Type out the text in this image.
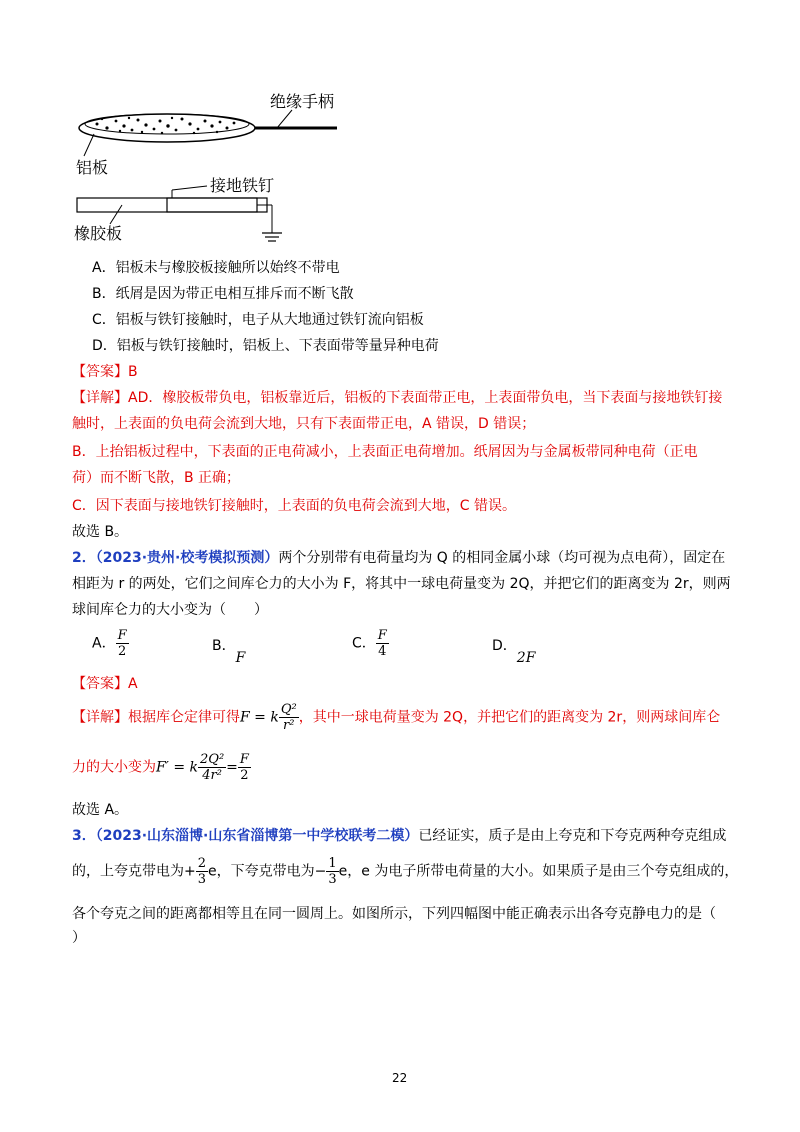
绝缘手柄
铝板
接地铁钉
橡胶板
A．铝板未与橡胶板接触所以始终不带电
B．纸屑是因为带正电相互排斥而不断飞散
C．铝板与铁钉接触时，电子从大地通过铁钉流向铝板
D．铝板与铁钉接触时，铝板上、下表面带等量异种电荷
【答案】B
【详解】AD．橡胶板带负电，铝板靠近后，铝板的下表面带正电，上表面带负电，当下表面与接地铁钉接
触时，上表面的负电荷会流到大地，只有下表面带正电，A 错误，D 错误；
B．上抬铝板过程中，下表面的正电荷减小，上表面正电荷增加。纸屑因为与金属板带同种电荷（正电
荷）而不断飞散，B 正确；
C．因下表面与接地铁钉接触时，上表面的负电荷会流到大地，C 错误。
故选 B。
2．（2023·贵州·校考模拟预测）两个分别带有电荷量均为 Q 的相同金属小球（均可视为点电荷），固定在
相距为 r 的两处，它们之间库仑力的大小为 F，将其中一球电荷量变为 2Q，并把它们的距离变为 2r，则两
球间库仑力的大小变为（　　）
A． $\frac{F}{2}$	B．F
C． $\frac{F}{4}$	D．2F
【答案】A
【详解】根据库仑定律可得F = k $\frac{\text{Q²}}{\text{r²}}$ ，其中一球电荷量变为 2Q，并把它们的距离变为 2r，则两球间库仑
力的大小变为F′ = k $\frac{\text{2Q²}}{\text{4r²}} = \frac{F}{2}$
故选 A。
3．（2023·山东淄博·山东省淄博第一中学校联考二模）已经证实，质子是由上夸克和下夸克两种夸克组成
的，上夸克带电为+ $\frac{2}{3}$ e，下夸克带电为− $\frac{1}{3}$ e，e 为电子所带电荷量的大小。如果质子是由三个夸克组成的，
各个夸克之间的距离都相等且在同一圆周上。如图所示，下列四幅图中能正确表示出各夸克静电力的是（
）
22
